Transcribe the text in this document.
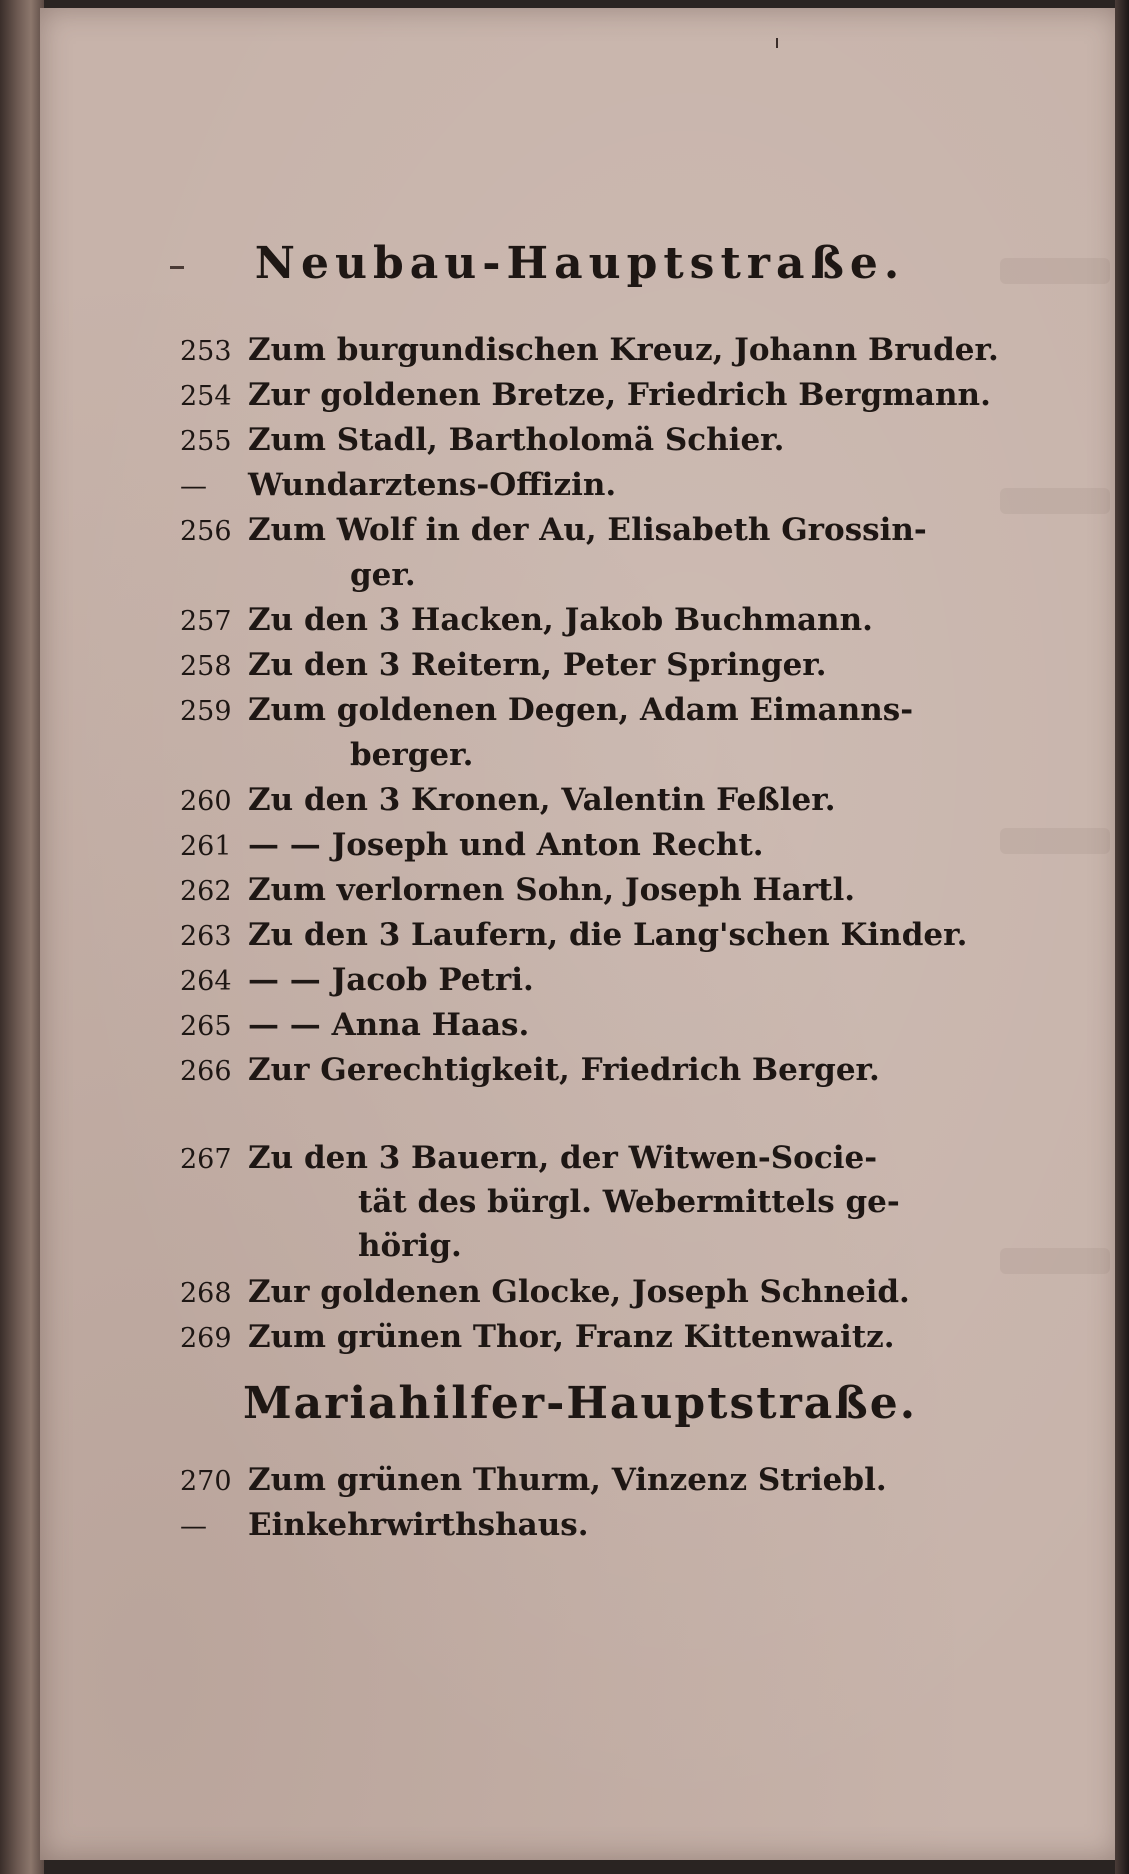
Neubau-Hauptstraße.
253 Zum burgundischen Kreuz, Johann Bruder.
254 Zur goldenen Bretze, Friedrich Bergmann.
255 Zum Stadl, Bartholomä Schier.
— Wundarztens-Offizin.
256 Zum Wolf in der Au, Elisabeth Grossin-
ger.
257 Zu den 3 Hacken, Jakob Buchmann.
258 Zu den 3 Reitern, Peter Springer.
259 Zum goldenen Degen, Adam Eimanns-
berger.
260 Zu den 3 Kronen, Valentin Feßler.
261 — — Joseph und Anton Recht.
262 Zum verlornen Sohn, Joseph Hartl.
263 Zu den 3 Laufern, die Lang'schen Kinder.
264 — — Jacob Petri.
265 — — Anna Haas.
266 Zur Gerechtigkeit, Friedrich Berger.
267 Zu den 3 Bauern, der Witwen-Socie-
tät des bürgl. Webermittels ge-
hörig.
268 Zur goldenen Glocke, Joseph Schneid.
269 Zum grünen Thor, Franz Kittenwaitz.
Mariahilfer-Hauptstraße.
270 Zum grünen Thurm, Vinzenz Striebl.
— Einkehrwirthshaus.
